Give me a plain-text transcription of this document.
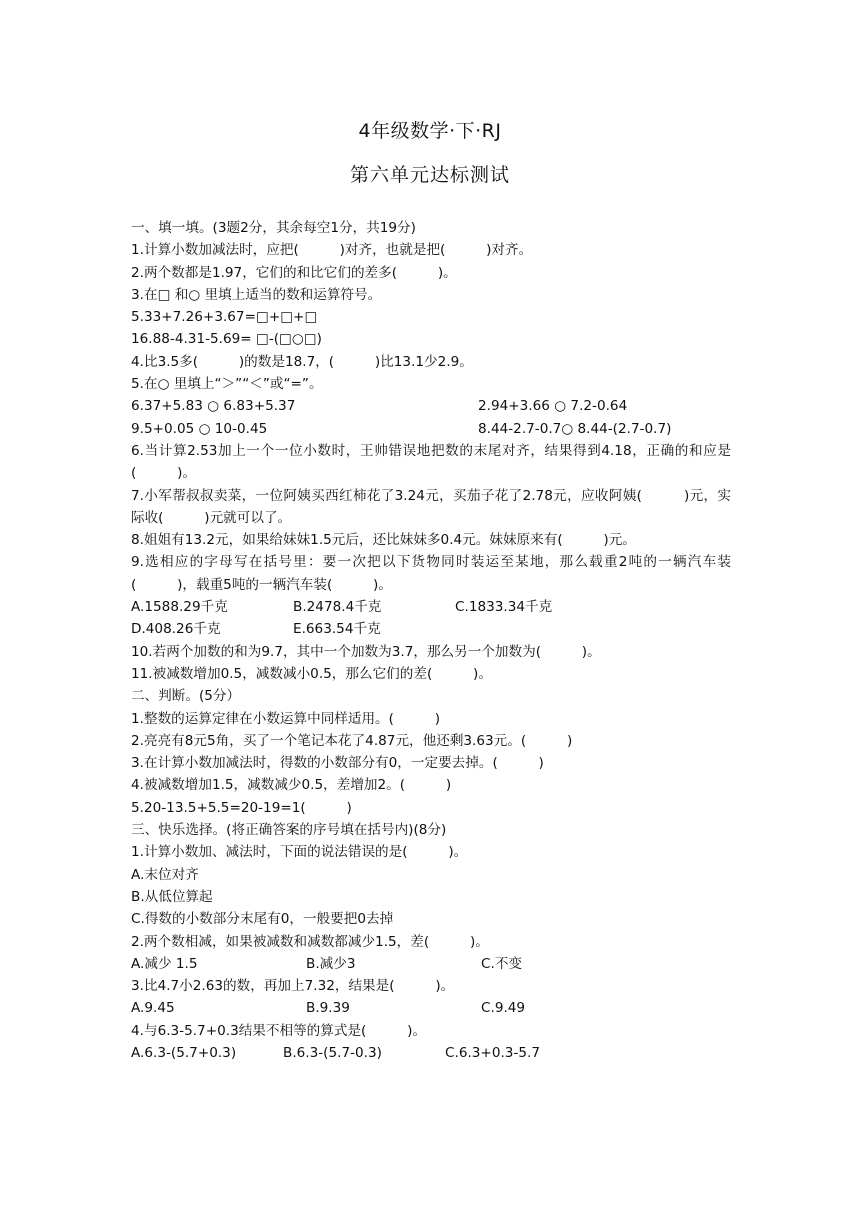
4年级数学·下·RJ
第六单元达标测试
一、填一填。(3题2分，其余每空1分，共19分)
1.计算小数加减法时，应把(　　　)对齐，也就是把(　　　)对齐。
2.两个数都是1.97，它们的和比它们的差多(　　　)。
3.在□ 和○ 里填上适当的数和运算符号。
5.33+7.26+3.67=□+□+□
16.88-4.31-5.69= □-(□○□)
4.比3.5多(　　　)的数是18.7，(　　　)比13.1少2.9。
5.在○ 里填上“＞”“＜”或“=”。
6.37+5.83 ○ 6.83+5.37	2.94+3.66 ○ 7.2-0.64
9.5+0.05 ○ 10-0.45	8.44-2.7-0.7○ 8.44-(2.7-0.7)
6.当计算2.53加上一个一位小数时，王帅错误地把数的末尾对齐，结果得到4.18，正确的和应是(　　　)。
7.小军帮叔叔卖菜，一位阿姨买西红柿花了3.24元，买茄子花了2.78元，应收阿姨(　　　)元，实际收(　　　)元就可以了。
8.姐姐有13.2元，如果给妹妹1.5元后，还比妹妹多0.4元。妹妹原来有(　　　)元。
9.选相应的字母写在括号里：要一次把以下货物同时装运至某地，那么载重2吨的一辆汽车装(　　　)，载重5吨的一辆汽车装(　　　)。
A.1588.29千克	B.2478.4千克	C.1833.34千克
D.408.26千克	E.663.54千克
10.若两个加数的和为9.7，其中一个加数为3.7，那么另一个加数为(　　　)。
11.被减数增加0.5，减数减小0.5，那么它们的差(　　　)。
二、判断。(5分）
1.整数的运算定律在小数运算中同样适用。(　　　)
2.亮亮有8元5角，买了一个笔记本花了4.87元，他还剩3.63元。(　　　)
3.在计算小数加减法时，得数的小数部分有0，一定要去掉。(　　　)
4.被减数增加1.5，减数减少0.5，差增加2。(　　　)
5.20-13.5+5.5=20-19=1(　　　)
三、快乐选择。(将正确答案的序号填在括号内)(8分)
1.计算小数加、减法时，下面的说法错误的是(　　　)。
A.末位对齐
B.从低位算起
C.得数的小数部分末尾有0，一般要把0去掉
2.两个数相减，如果被减数和减数都减少1.5，差(　　　)。
A.减少 1.5	B.减少3	C.不变
3.比4.7小2.63的数，再加上7.32，结果是(　　　)。
A.9.45	B.9.39	C.9.49
4.与6.3-5.7+0.3结果不相等的算式是(　　　)。
A.6.3-(5.7+0.3)	B.6.3-(5.7-0.3)	C.6.3+0.3-5.7
